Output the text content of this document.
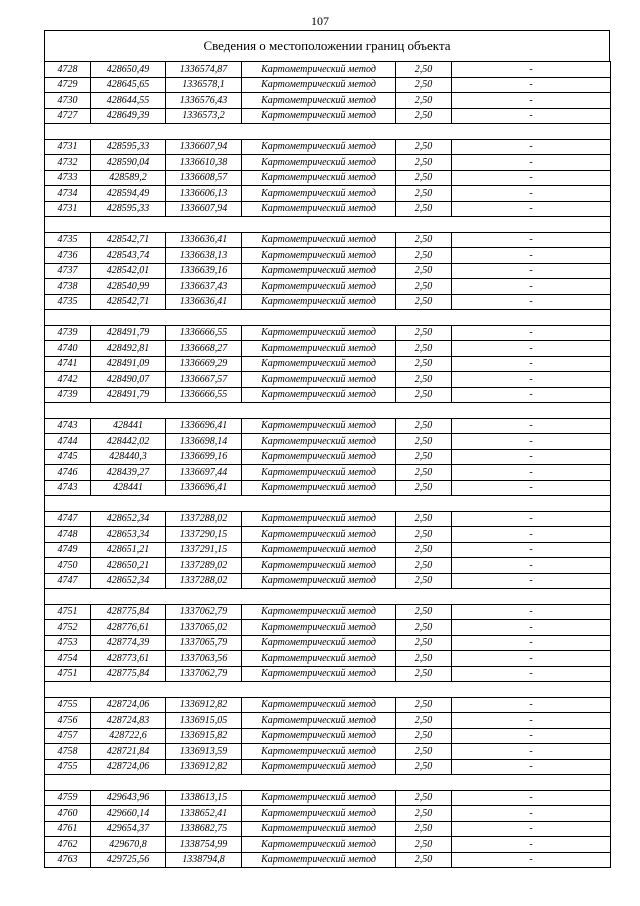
107
Сведения о местоположении границ объекта
4728	428650,49	1336574,87	Картометрический метод	2,50	-
4729	428645,65	1336578,1	Картометрический метод	2,50	-
4730	428644,55	1336576,43	Картометрический метод	2,50	-
4727	428649,39	1336573,2	Картометрический метод	2,50	-

4731	428595,33	1336607,94	Картометрический метод	2,50	-
4732	428590,04	1336610,38	Картометрический метод	2,50	-
4733	428589,2	1336608,57	Картометрический метод	2,50	-
4734	428594,49	1336606,13	Картометрический метод	2,50	-
4731	428595,33	1336607,94	Картометрический метод	2,50	-

4735	428542,71	1336636,41	Картометрический метод	2,50	-
4736	428543,74	1336638,13	Картометрический метод	2,50	-
4737	428542,01	1336639,16	Картометрический метод	2,50	-
4738	428540,99	1336637,43	Картометрический метод	2,50	-
4735	428542,71	1336636,41	Картометрический метод	2,50	-

4739	428491,79	1336666,55	Картометрический метод	2,50	-
4740	428492,81	1336668,27	Картометрический метод	2,50	-
4741	428491,09	1336669,29	Картометрический метод	2,50	-
4742	428490,07	1336667,57	Картометрический метод	2,50	-
4739	428491,79	1336666,55	Картометрический метод	2,50	-

4743	428441	1336696,41	Картометрический метод	2,50	-
4744	428442,02	1336698,14	Картометрический метод	2,50	-
4745	428440,3	1336699,16	Картометрический метод	2,50	-
4746	428439,27	1336697,44	Картометрический метод	2,50	-
4743	428441	1336696,41	Картометрический метод	2,50	-

4747	428652,34	1337288,02	Картометрический метод	2,50	-
4748	428653,34	1337290,15	Картометрический метод	2,50	-
4749	428651,21	1337291,15	Картометрический метод	2,50	-
4750	428650,21	1337289,02	Картометрический метод	2,50	-
4747	428652,34	1337288,02	Картометрический метод	2,50	-

4751	428775,84	1337062,79	Картометрический метод	2,50	-
4752	428776,61	1337065,02	Картометрический метод	2,50	-
4753	428774,39	1337065,79	Картометрический метод	2,50	-
4754	428773,61	1337063,56	Картометрический метод	2,50	-
4751	428775,84	1337062,79	Картометрический метод	2,50	-

4755	428724,06	1336912,82	Картометрический метод	2,50	-
4756	428724,83	1336915,05	Картометрический метод	2,50	-
4757	428722,6	1336915,82	Картометрический метод	2,50	-
4758	428721,84	1336913,59	Картометрический метод	2,50	-
4755	428724,06	1336912,82	Картометрический метод	2,50	-

4759	429643,96	1338613,15	Картометрический метод	2,50	-
4760	429660,14	1338652,41	Картометрический метод	2,50	-
4761	429654,37	1338682,75	Картометрический метод	2,50	-
4762	429670,8	1338754,99	Картометрический метод	2,50	-
4763	429725,56	1338794,8	Картометрический метод	2,50	-
